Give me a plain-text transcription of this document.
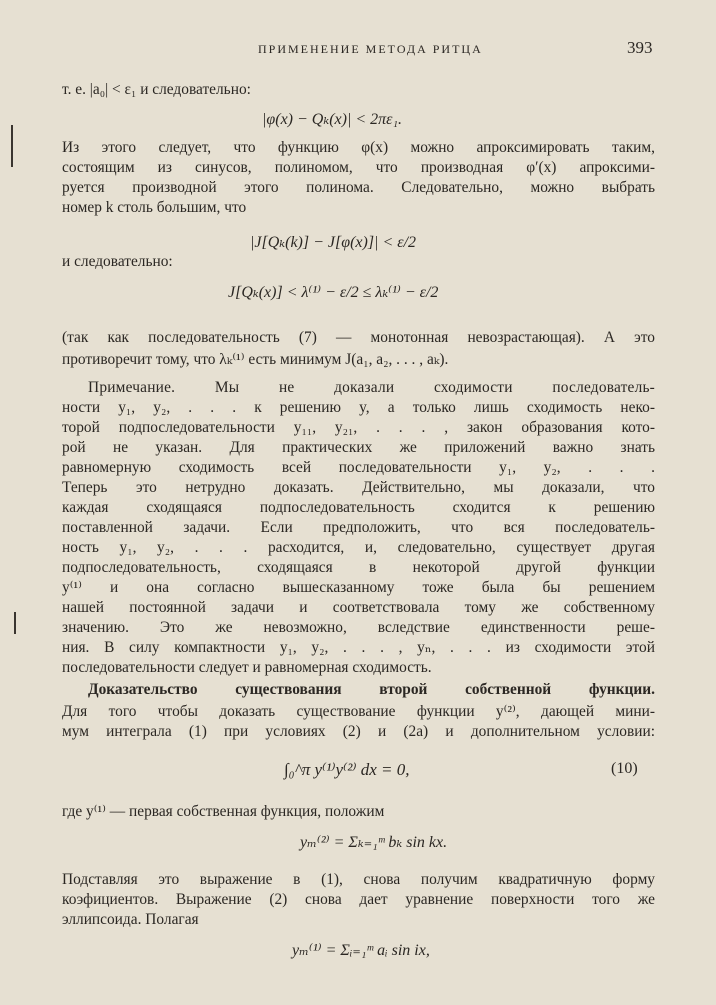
ПРИМЕНЕНИЕ МЕТОДА РИТЦА	393
т. е. |a₀| < ε₁ и следовательно:
|φ(x) − Qₖ(x)| < 2πε₁.
Из этого следует, что функцию φ(x) можно апроксимировать таким,
состоящим из синусов, полиномом, что производная φ′(x) апроксими-
руется производной этого полинома. Следовательно, можно выбрать
номер k столь большим, что
|J[Qₖ(k)] − J[φ(x)]| < ε/2
и следовательно:
J[Qₖ(x)] < λ⁽¹⁾ − ε/2 ≤ λₖ⁽¹⁾ − ε/2
(так как последовательность (7) — монотонная невозрастающая). А это
противоречит тому, что λₖ⁽¹⁾ есть минимум J(a₁, a₂, . . . , aₖ).
Примечание. Мы не доказали сходимости последователь-
ности y₁, y₂, . . . к решению y, а только лишь сходимость неко-
торой подпоследовательности y₁₁, y₂₁, . . . , закон образования кото-
рой не указан. Для практических же приложений важно знать
равномерную сходимость всей последовательности y₁, y₂, . . .
Теперь это нетрудно доказать. Действительно, мы доказали, что
каждая сходящаяся подпоследовательность сходится к решению
поставленной задачи. Если предположить, что вся последователь-
ность y₁, y₂, . . . расходится, и, следовательно, существует другая
подпоследовательность, сходящаяся в некоторой другой функции
y⁽¹⁾ и она согласно вышесказанному тоже была бы решением
нашей постоянной задачи и соответствовала тому же собственному
значению. Это же невозможно, вследствие единственности реше-
ния. В силу компактности y₁, y₂, . . . , yₙ, . . . из сходимости этой
последовательности следует и равномерная сходимость.
Доказательство существования второй собственной функции.
Для того чтобы доказать существование функции y⁽²⁾, дающей мини-
мум интеграла (1) при условиях (2) и (2а) и дополнительном условии:
∫₀^π y⁽¹⁾y⁽²⁾ dx = 0,	(10)
где y⁽¹⁾ — первая собственная функция, положим
yₘ⁽²⁾ = Σₖ₌₁ᵐ bₖ sin kx.
Подставляя это выражение в (1), снова получим квадратичную форму
коэфициентов. Выражение (2) снова дает уравнение поверхности того же
эллипсоида. Полагая
yₘ⁽¹⁾ = Σᵢ₌₁ᵐ aᵢ sin ix,
